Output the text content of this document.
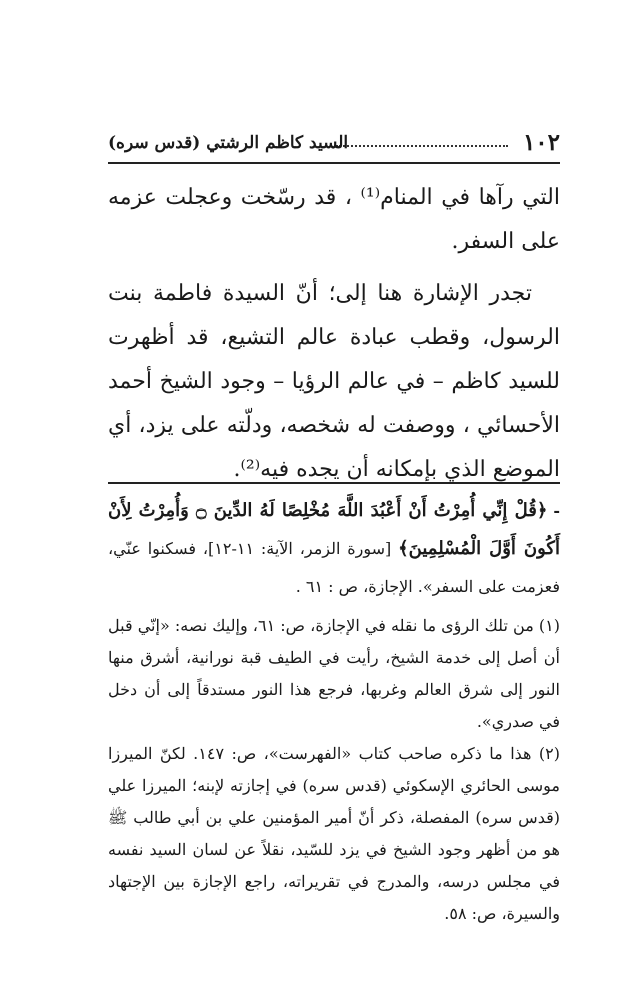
١٠٢
السيد كاظم الرشتي (قدس سره)

التي رآها في المنام⁽¹⁾ ، قد رسّخت وعجلت عزمه على السفر.

تجدر الإشارة هنا إلى؛ أنّ السيدة فاطمة بنت الرسول، وقطب عبادة عالم التشيع، قد أظهرت للسيد كاظم – في عالم الرؤيا – وجود الشيخ أحمد الأحسائي ، ووصفت له شخصه، ودلّته على يزد، أي الموضع الذي بإمكانه أن يجده فيه⁽²⁾.

- ﴿قُلْ إِنِّي أُمِرْتُ أَنْ أَعْبُدَ اللَّهَ مُخْلِصًا لَهُ الدِّينَ ۝ وَأُمِرْتُ لِأَنْ أَكُونَ أَوَّلَ الْمُسْلِمِينَ﴾ [سورة الزمر، الآية: ١١-١٢]، فسكنوا عنّي، فعزمت على السفر». الإجازة، ص : ٦١ .

(١) من تلك الرؤى ما نقله في الإجازة، ص: ٦١، وإليك نصه: «إنّي قبل أن أصل إلى خدمة الشيخ، رأيت في الطيف قبة نورانية، أشرق منها النور إلى شرق العالم وغربها، فرجع هذا النور مستدقاً إلى أن دخل في صدري».

(٢) هذا ما ذكره صاحب كتاب «الفهرست»، ص: ١٤٧. لكنّ الميرزا موسى الحائري الإسكوئي (قدس سره) في إجازته لإبنه؛ الميرزا علي (قدس سره) المفصلة، ذكر أنّ أمير المؤمنين علي بن أبي طالب ﷺ هو من أظهر وجود الشيخ في يزد للسّيد، نقلاً عن لسان السيد نفسه في مجلس درسه، والمدرج في تقريراته، راجع الإجازة بين الإجتهاد والسيرة، ص: ٥٨.
